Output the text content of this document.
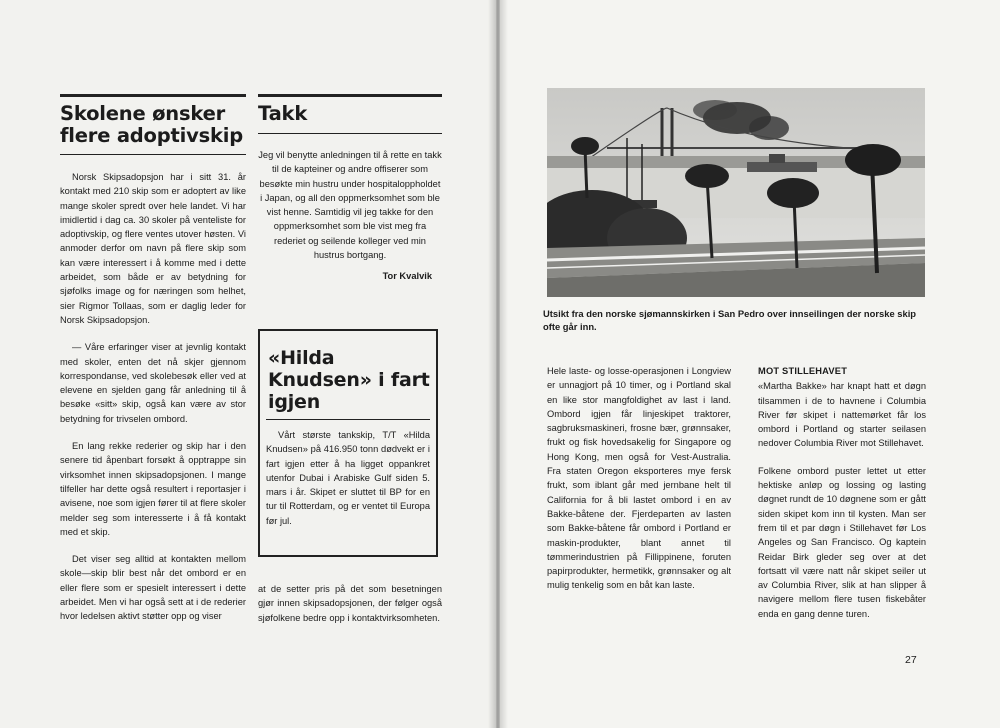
Skolene ønsker flere adoptivskip
Takk

Norsk Skipsadopsjon har i sitt 31. år kontakt med 210 skip som er adoptert av like mange skoler spredt over hele landet. Vi har imidlertid i dag ca. 30 skoler på venteliste for adoptivskip, og flere ventes utover høsten. Vi anmoder derfor om navn på flere skip som kan være interessert i å komme med i dette arbeidet, som både er av betydning for sjøfolks image og for næringen som helhet, sier Rigmor Tollaas, som er daglig leder for Norsk Skipsadopsjon.

— Våre erfaringer viser at jevnlig kontakt med skoler, enten det nå skjer gjennom korrespondanse, ved skolebesøk eller ved at elevene en sjelden gang får anledning til å besøke «sitt» skip, også kan være av stor betydning for trivselen ombord.

En lang rekke rederier og skip har i den senere tid åpenbart forsøkt å opptrappe sin virksomhet innen skipsadopsjonen. I mange tilfeller har dette også resultert i reportasjer i avisene, noe som igjen fører til at flere skoler melder seg som interesserte i å få kontakt med et skip.

Det viser seg alltid at kontakten mellom skole—skip blir best når det ombord er en eller flere som er spesielt interessert i dette arbeidet. Men vi har også sett at i de rederier hvor ledelsen aktivt støtter opp og viser

Jeg vil benytte anledningen til å rette en takk til de kapteiner og andre offiserer som besøkte min hustru under hospitaloppholdet i Japan, og all den oppmerksomhet som ble vist henne. Samtidig vil jeg takke for den oppmerksomhet som ble vist meg fra rederiet og seilende kolleger ved min hustrus bortgang.

Tor Kvalvik
«Hilda Knudsen» i fart igjen

Vårt største tankskip, T/T «Hilda Knudsen» på 416.950 tonn dødvekt er i fart igjen etter å ha ligget oppankret utenfor Dubai i Arabiske Gulf siden 5. mars i år. Skipet er sluttet til BP for en tur til Rotterdam, og er ventet til Europa før jul.

at de setter pris på det som besetningen gjør innen skipsadopsjonen, der følger også sjøfolkene bedre opp i kontaktvirksomheten.

Utsikt fra den norske sjømannskirken i San Pedro over innseilingen der norske skip ofte går inn.

Hele laste- og losse-operasjonen i Longview er unnagjort på 10 timer, og i Portland skal en like stor mangfoldighet av last i land. Ombord igjen får linjeskipet traktorer, sagbruksmaskineri, frosne bær, grønnsaker, frukt og fisk hovedsakelig for Singapore og Hong Kong, men også for Vest-Australia. Fra staten Oregon eksporteres mye fersk frukt, som iblant går med jernbane helt til California for å bli lastet ombord i en av Bakke-båtene der. Fjerdeparten av lasten som Bakke-båtene får ombord i Portland er maskin-produkter, blant annet til tømmerindustrien på Fillippinene, foruten papirprodukter, hermetikk, grønnsaker og alt mulig tenkelig som en båt kan laste.

MOT STILLEHAVET

«Martha Bakke» har knapt hatt et døgn tilsammen i de to havnene i Columbia River før skipet i nattemørket får los ombord i Portland og starter seilasen nedover Columbia River mot Stillehavet.

Folkene ombord puster lettet ut etter hektiske anløp og lossing og lasting døgnet rundt de 10 døgnene som er gått siden skipet kom inn til kysten. Man ser frem til et par døgn i Stillehavet før Los Angeles og San Francisco. Og kaptein Reidar Birk gleder seg over at det fortsatt vil være natt når skipet seiler ut av Columbia River, slik at han slipper å navigere mellom flere tusen fiskebåter enda en gang denne turen.

27
